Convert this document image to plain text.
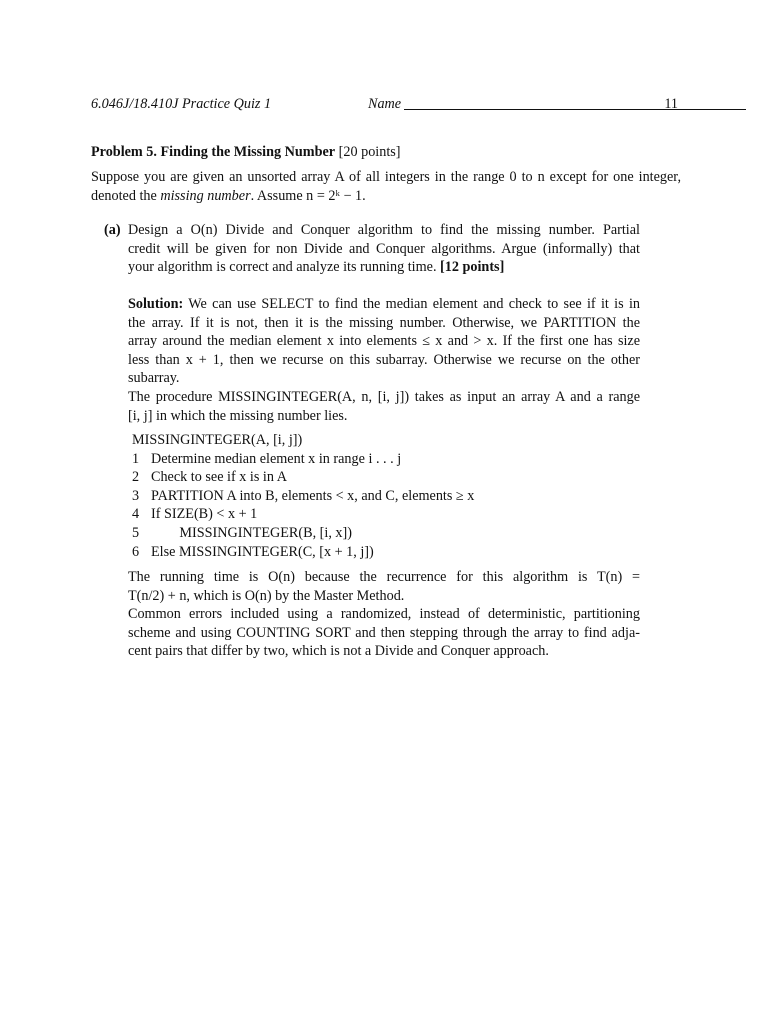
6.046J/18.410J Practice Quiz 1	Name	11
Problem 5. Finding the Missing Number [20 points]
Suppose you are given an unsorted array A of all integers in the range 0 to n except for one integer,
denoted the missing number. Assume n = 2ᵏ − 1.
(a) Design a O(n) Divide and Conquer algorithm to find the missing number. Partial
credit will be given for non Divide and Conquer algorithms. Argue (informally) that
your algorithm is correct and analyze its running time. [12 points]
Solution: We can use SELECT to find the median element and check to see if it is in
the array. If it is not, then it is the missing number. Otherwise, we PARTITION the
array around the median element x into elements ≤ x and > x. If the first one has size
less than x + 1, then we recurse on this subarray. Otherwise we recurse on the other
subarray.
The procedure MISSINGINTEGER(A, n, [i, j]) takes as input an array A and a range
[i, j] in which the missing number lies.
MISSINGINTEGER(A, [i, j])
1 Determine median element x in range i . . . j
2 Check to see if x is in A
3 PARTITION A into B, elements < x, and C, elements ≥ x
4 If SIZE(B) < x + 1
5        MISSINGINTEGER(B, [i, x])
6 Else MISSINGINTEGER(C, [x + 1, j])
The running time is O(n) because the recurrence for this algorithm is T(n) =
T(n/2) + n, which is O(n) by the Master Method.
Common errors included using a randomized, instead of deterministic, partitioning
scheme and using COUNTING SORT and then stepping through the array to find adja-
cent pairs that differ by two, which is not a Divide and Conquer approach.
